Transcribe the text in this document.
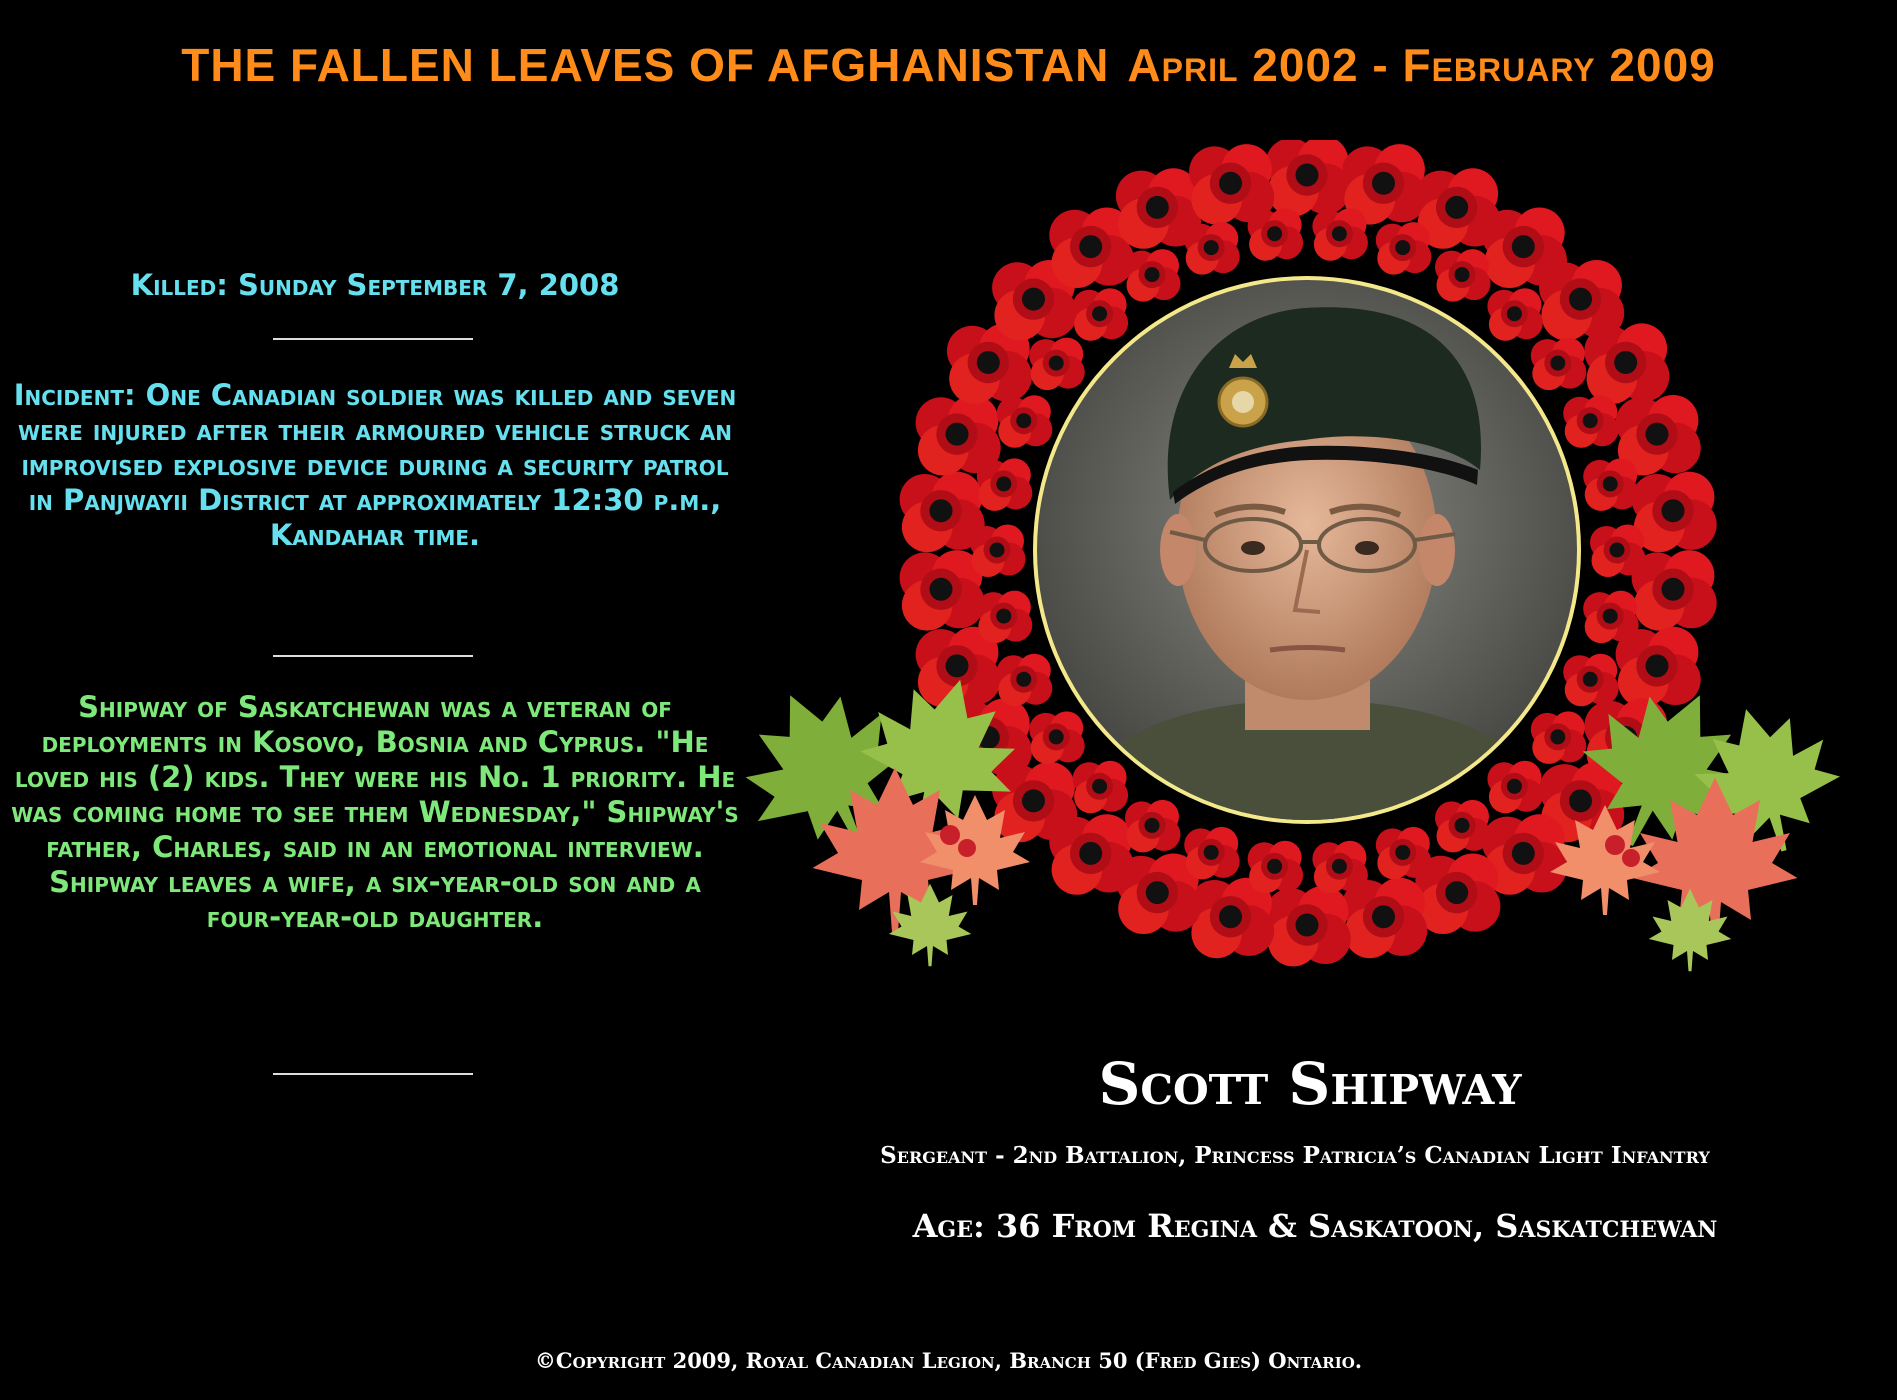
THE FALLEN LEAVES OF AFGHANISTAN April 2002 - February 2009
Killed: Sunday September 7, 2008
Incident: One Canadian soldier was killed and seven were injured after their armoured vehicle struck an improvised explosive device during a security patrol in Panjwayii District at approximately 12:30 p.m., Kandahar time.
Shipway of Saskatchewan was a veteran of deployments in Kosovo, Bosnia and Cyprus. "He loved his (2) kids. They were his No. 1 priority. He was coming home to see them Wednesday," Shipway's father, Charles, said in an emotional interview. Shipway leaves a wife, a six-year-old son and a four-year-old daughter.
Scott Shipway
Sergeant - 2nd Battalion, Princess Patricia’s Canadian Light Infantry
Age: 36 From Regina & Saskatoon, Saskatchewan
©Copyright 2009, Royal Canadian Legion, Branch 50 (Fred Gies) Ontario.
